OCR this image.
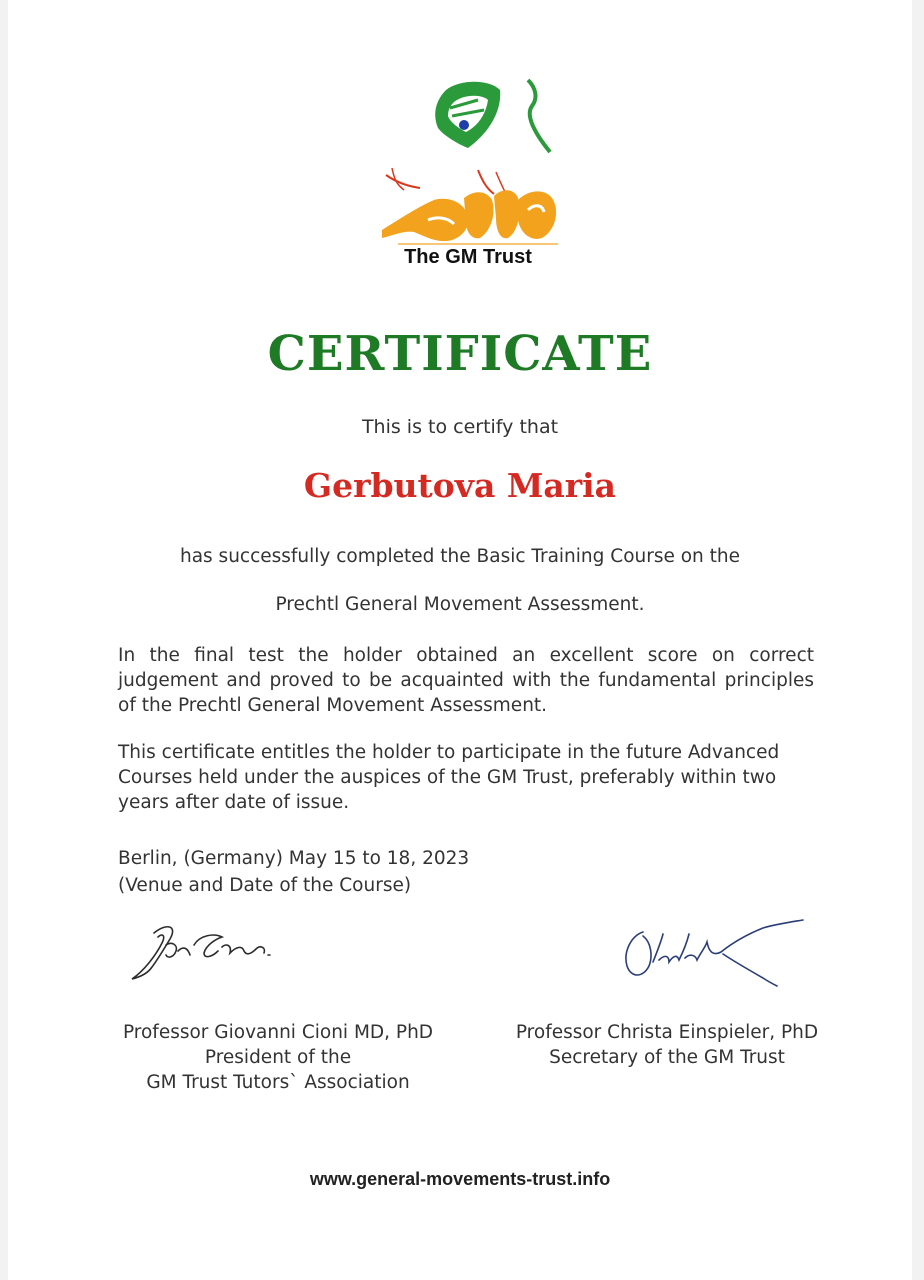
The GM Trust
CERTIFICATE
This is to certify that
Gerbutova Maria
has successfully completed the Basic Training Course on the
Prechtl General Movement Assessment.
In the final test the holder obtained an excellent score on correct judgement and proved to be acquainted with the fundamental principles of the Prechtl General Movement Assessment.
This certificate entitles the holder to participate in the future Advanced Courses held under the auspices of the GM Trust, preferably within two years after date of issue.
Berlin, (Germany) May 15 to 18, 2023
(Venue and Date of the Course)
Professor Giovanni Cioni MD, PhD
President of the
GM Trust Tutors` Association
Professor Christa Einspieler, PhD
Secretary of the GM Trust
www.general-movements-trust.info
